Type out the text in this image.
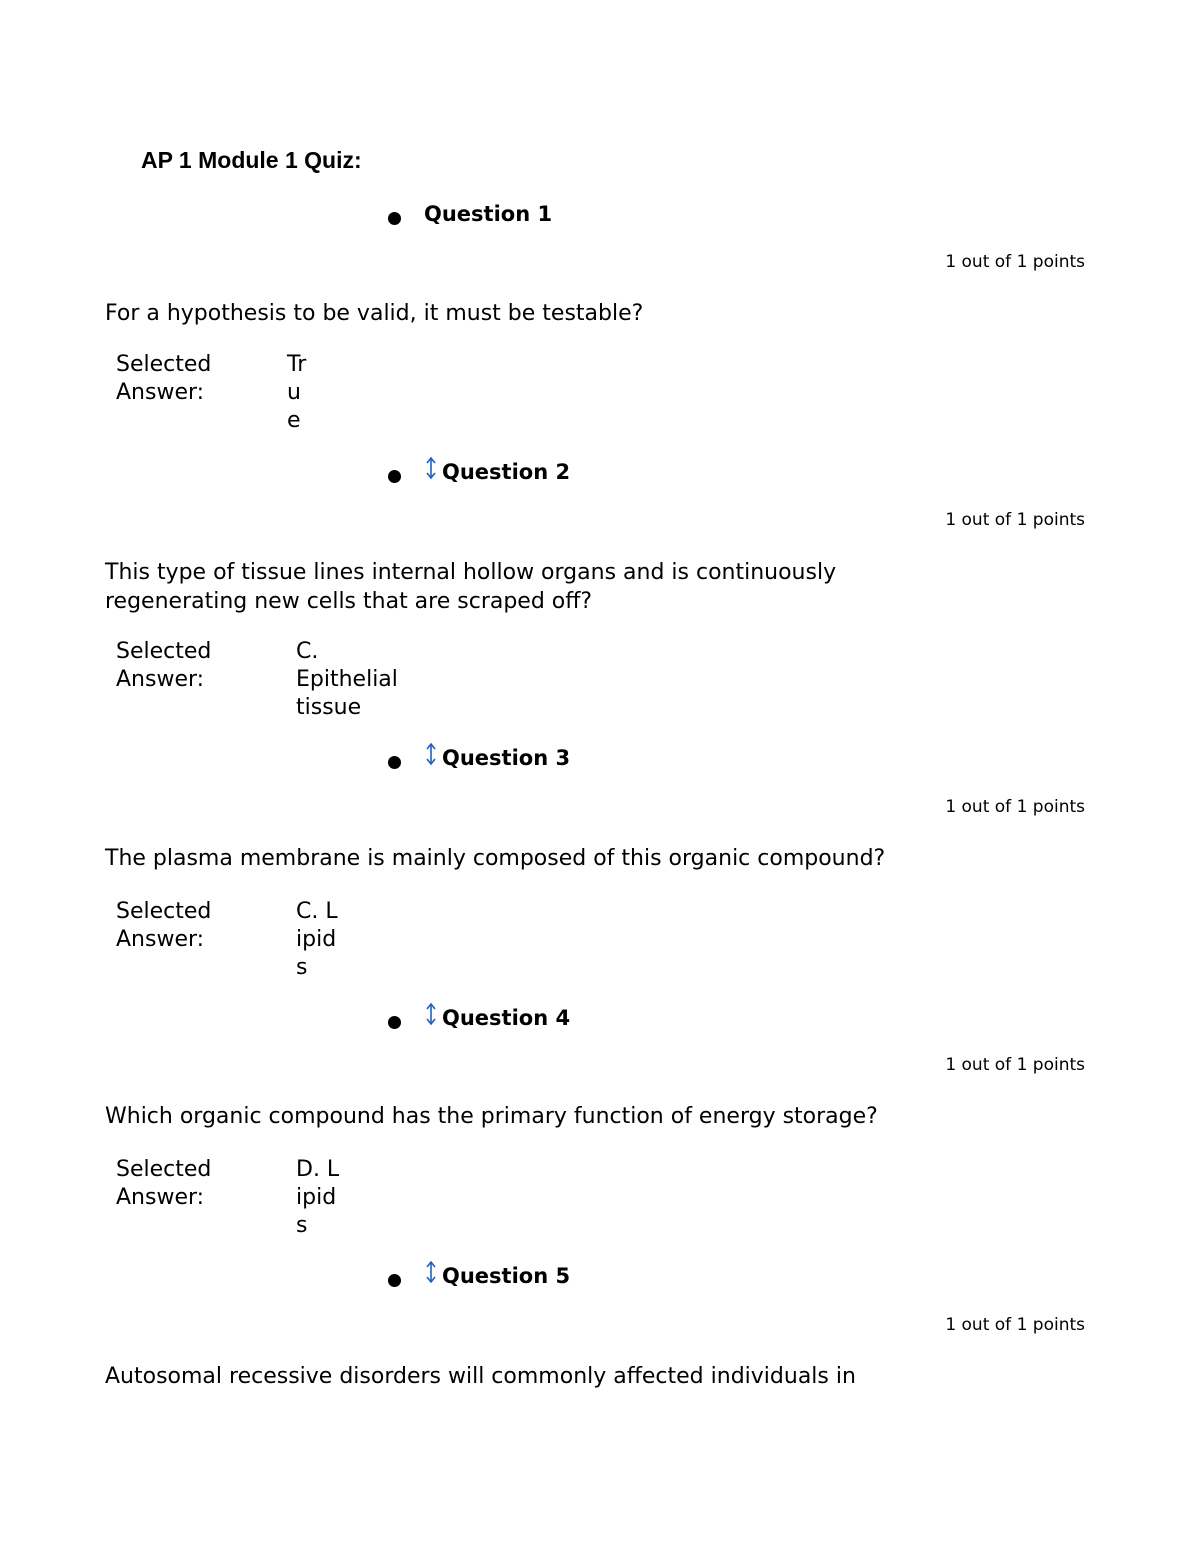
AP 1 Module 1 Quiz:
Question 1
1 out of 1 points
For a hypothesis to be valid, it must be testable?
Selected Answer:
True
Question 2
1 out of 1 points
This type of tissue lines internal hollow organs and is continuously regenerating new cells that are scraped off?
Selected Answer:
C. Epithelial tissue
Question 3
1 out of 1 points
The plasma membrane is mainly composed of this organic compound?
Selected Answer:
C. Lipids
Question 4
1 out of 1 points
Which organic compound has the primary function of energy storage?
Selected Answer:
D. Lipids
Question 5
1 out of 1 points
Autosomal recessive disorders will commonly affected individuals in
